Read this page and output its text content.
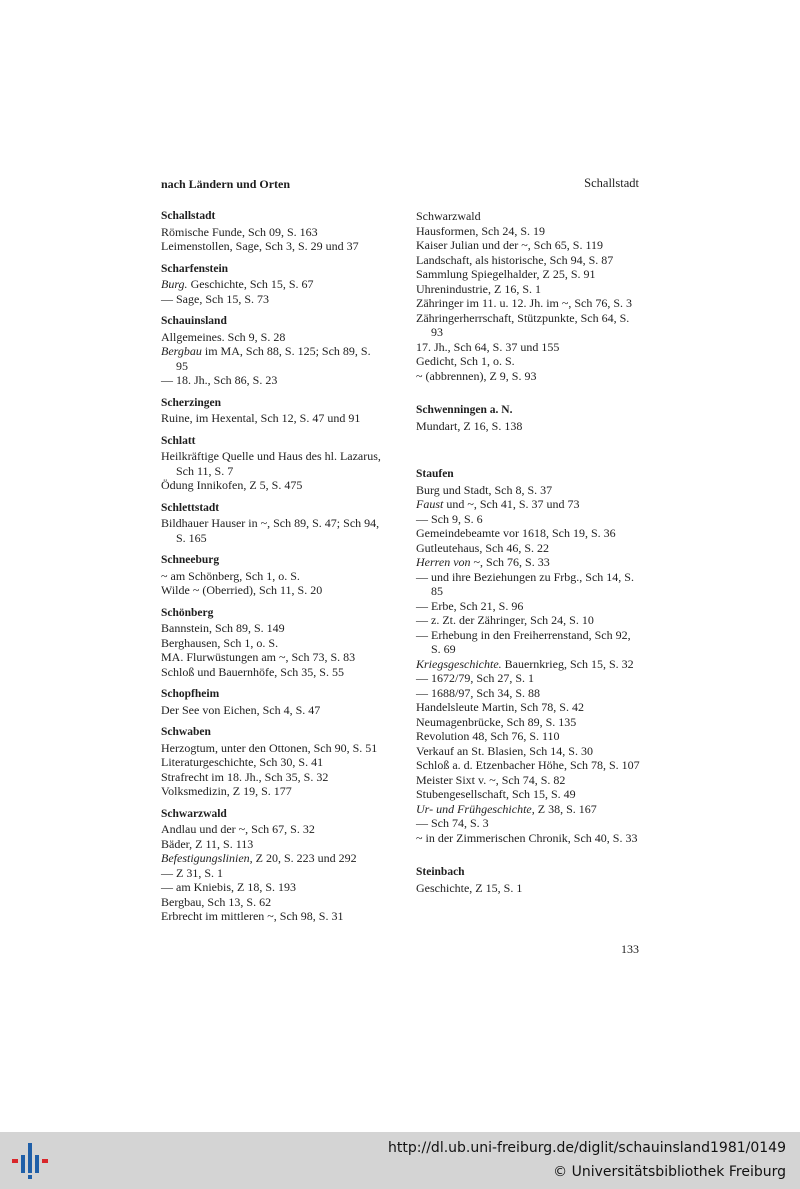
nach Ländern und Orten	Schallstadt
Schallstadt
Römische Funde, Sch 09, S. 163
Leimenstollen, Sage, Sch 3, S. 29 und 37
Scharfenstein
Burg. Geschichte, Sch 15, S. 67
— Sage, Sch 15, S. 73
Schauinsland
Allgemeines. Sch 9, S. 28
Bergbau im MA, Sch 88, S. 125; Sch 89, S. 95
— 18. Jh., Sch 86, S. 23
Scherzingen
Ruine, im Hexental, Sch 12, S. 47 und 91
Schlatt
Heilkräftige Quelle und Haus des hl. Lazarus, Sch 11, S. 7
Ödung Innikofen, Z 5, S. 475
Schlettstadt
Bildhauer Hauser in ~, Sch 89, S. 47; Sch 94, S. 165
Schneeburg
~ am Schönberg, Sch 1, o. S.
Wilde ~ (Oberried), Sch 11, S. 20
Schönberg
Bannstein, Sch 89, S. 149
Berghausen, Sch 1, o. S.
MA. Flurwüstungen am ~, Sch 73, S. 83
Schloß und Bauernhöfe, Sch 35, S. 55
Schopfheim
Der See von Eichen, Sch 4, S. 47
Schwaben
Herzogtum, unter den Ottonen, Sch 90, S. 51
Literaturgeschichte, Sch 30, S. 41
Strafrecht im 18. Jh., Sch 35, S. 32
Volksmedizin, Z 19, S. 177
Schwarzwald
Andlau und der ~, Sch 67, S. 32
Bäder, Z 11, S. 113
Befestigungslinien, Z 20, S. 223 und 292
— Z 31, S. 1
— am Kniebis, Z 18, S. 193
Bergbau, Sch 13, S. 62
Erbrecht im mittleren ~, Sch 98, S. 31
Schwarzwald
Hausformen, Sch 24, S. 19
Kaiser Julian und der ~, Sch 65, S. 119
Landschaft, als historische, Sch 94, S. 87
Sammlung Spiegelhalder, Z 25, S. 91
Uhrenindustrie, Z 16, S. 1
Zähringer im 11. u. 12. Jh. im ~, Sch 76, S. 3
Zähringerherrschaft, Stützpunkte, Sch 64, S. 93
17. Jh., Sch 64, S. 37 und 155
Gedicht, Sch 1, o. S.
~ (abbrennen), Z 9, S. 93
Schwenningen a. N.
Mundart, Z 16, S. 138
Staufen
Burg und Stadt, Sch 8, S. 37
Faust und ~, Sch 41, S. 37 und 73
— Sch 9, S. 6
Gemeindebeamte vor 1618, Sch 19, S. 36
Gutleutehaus, Sch 46, S. 22
Herren von ~, Sch 76, S. 33
— und ihre Beziehungen zu Frbg., Sch 14, S. 85
— Erbe, Sch 21, S. 96
— z. Zt. der Zähringer, Sch 24, S. 10
— Erhebung in den Freiherrenstand, Sch 92, S. 69
Kriegsgeschichte. Bauernkrieg, Sch 15, S. 32
— 1672/79, Sch 27, S. 1
— 1688/97, Sch 34, S. 88
Handelsleute Martin, Sch 78, S. 42
Neumagenbrücke, Sch 89, S. 135
Revolution 48, Sch 76, S. 110
Verkauf an St. Blasien, Sch 14, S. 30
Schloß a. d. Etzenbacher Höhe, Sch 78, S. 107
Meister Sixt v. ~, Sch 74, S. 82
Stubengesellschaft, Sch 15, S. 49
Ur- und Frühgeschichte, Z 38, S. 167
— Sch 74, S. 3
~ in der Zimmerischen Chronik, Sch 40, S. 33
Steinbach
Geschichte, Z 15, S. 1
133
http://dl.ub.uni-freiburg.de/diglit/schauinsland1981/0149
© Universitätsbibliothek Freiburg
